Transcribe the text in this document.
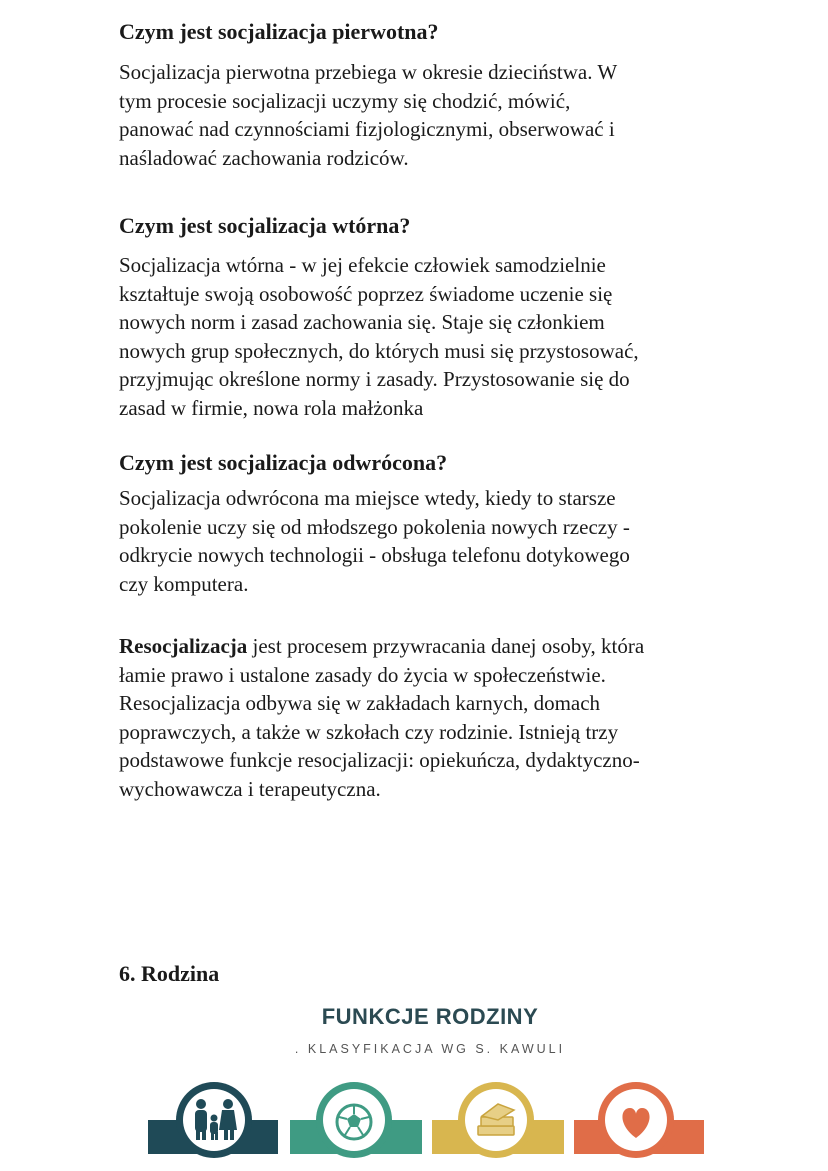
Czym jest socjalizacja pierwotna?
Socjalizacja pierwotna przebiega w okresie dzieciństwa. W
tym procesie socjalizacji uczymy się chodzić, mówić,
panować nad czynnościami fizjologicznymi, obserwować i
naśladować zachowania rodziców.
Czym jest socjalizacja wtórna?
Socjalizacja wtórna - w jej efekcie człowiek samodzielnie
kształtuje swoją osobowość poprzez świadome uczenie się
nowych norm i zasad zachowania się. Staje się członkiem
nowych grup społecznych, do których musi się przystosować,
przyjmując określone normy i zasady. Przystosowanie się do
zasad w firmie, nowa rola małżonka
Czym jest socjalizacja odwrócona?
Socjalizacja odwrócona ma miejsce wtedy, kiedy to starsze
pokolenie uczy się od młodszego pokolenia nowych rzeczy -
odkrycie nowych technologii - obsługa telefonu dotykowego
czy komputera.
Resocjalizacja jest procesem przywracania danej osoby, która
łamie prawo i ustalone zasady do życia w społeczeństwie.
Resocjalizacja odbywa się w zakładach karnych, domach
poprawczych, a także w szkołach czy rodzinie. Istnieją trzy
podstawowe funkcje resocjalizacji: opiekuńcza, dydaktyczno-
wychowawcza i terapeutyczna.
6. Rodzina
FUNKCJE RODZINY
. KLASYFIKACJA WG S. KAWULI
